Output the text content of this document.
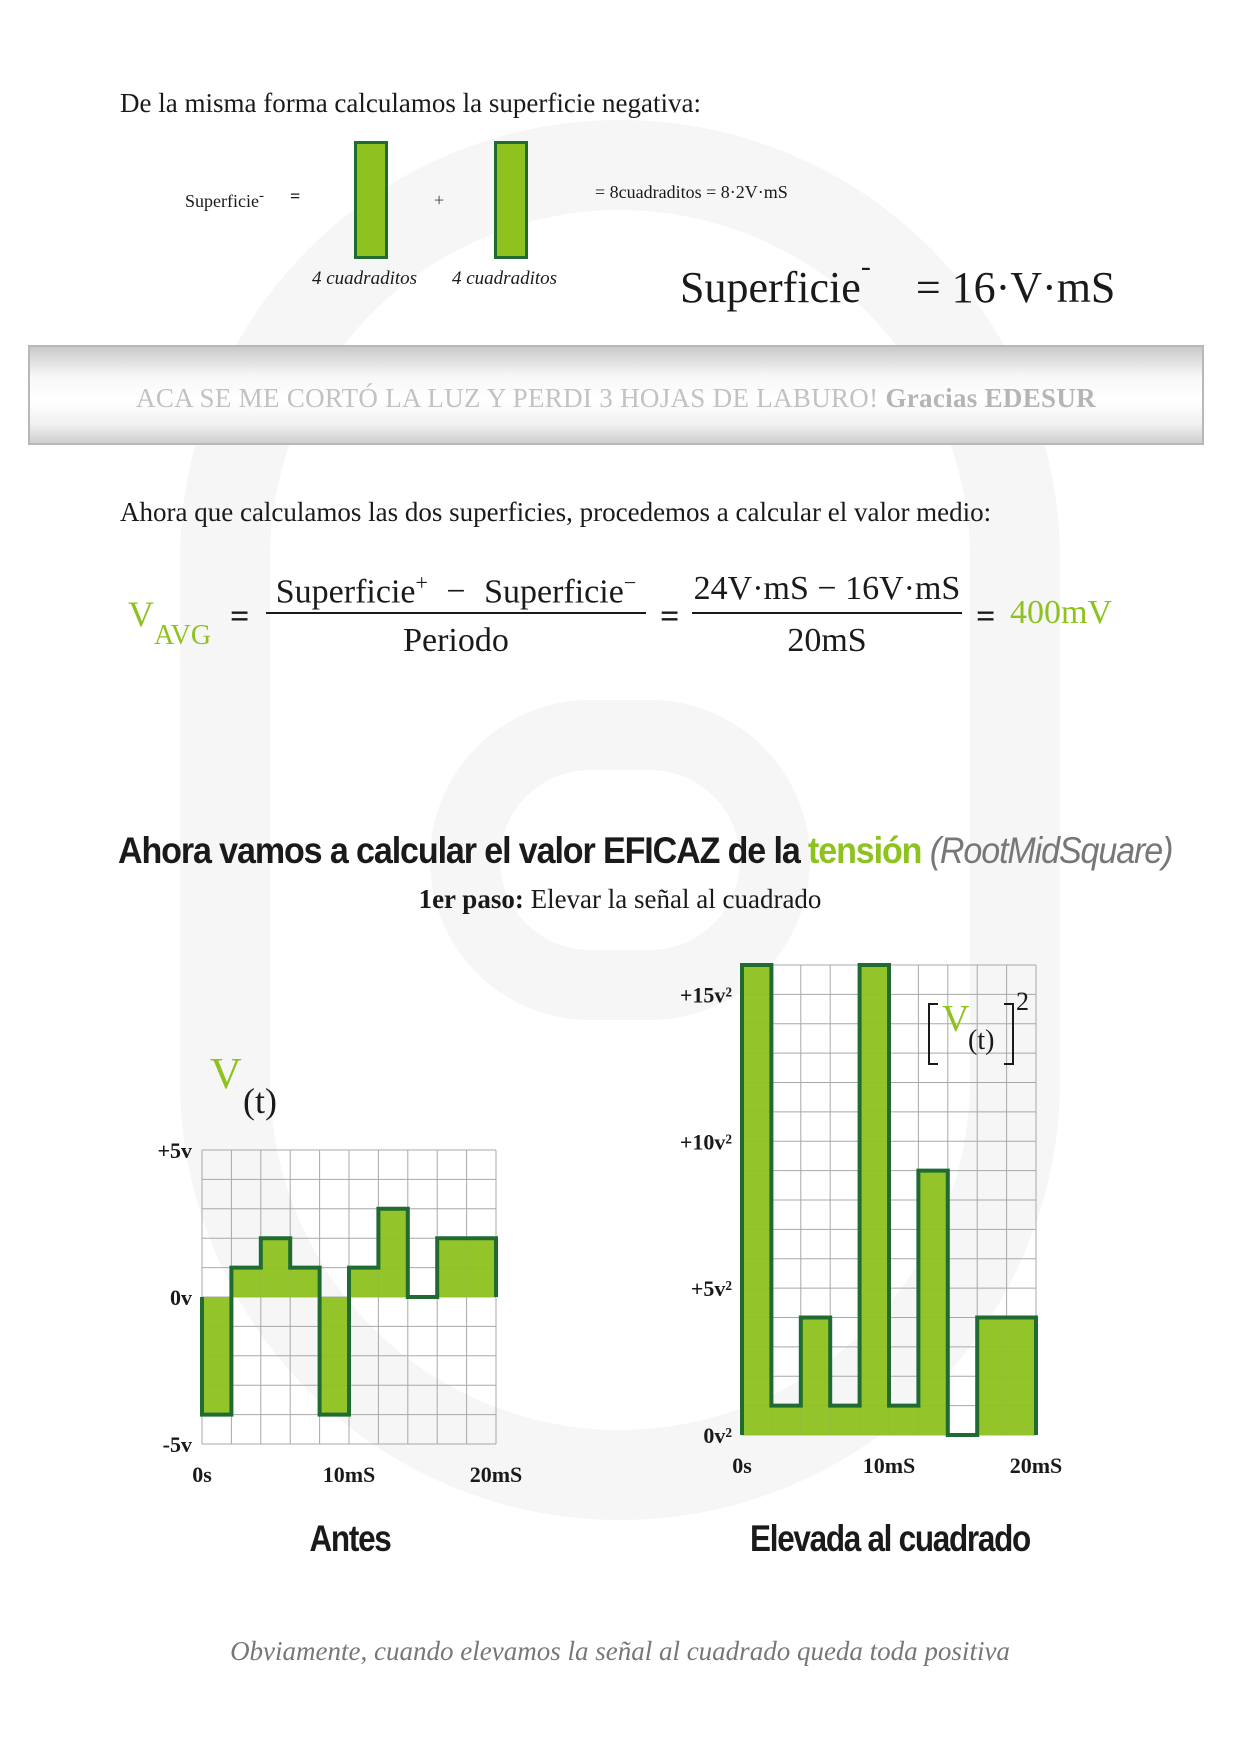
De la misma forma calculamos la superficie negativa:
Superficie- =	+
4 cuadraditos 4 cuadraditos
= 8cuadraditos = 8·2V·mS
Superficie- = 16·V·mS
ACA SE ME CORTÓ LA LUZ Y PERDI 3 HOJAS DE LABURO! Gracias EDESUR
Ahora que calculamos las dos superficies, procedemos a calcular el valor medio:
$V_{AVG}$
=
Superficie+ − Superficie−
Periodo
=
24V·mS − 16V·mS
20mS
= 400mV
Ahora vamos a calcular el valor EFICAZ de la tensión (RootMidSquare)
1er paso: Elevar la señal al cuadrado
V
(t)
+5v
0v
-5v
0s	10mS	20mS
Antes
+15v²
+10v²
+5v²
0v²
0s	10mS	20mS
V
(t)
2
Elevada al cuadrado
Obviamente, cuando elevamos la señal al cuadrado queda toda positiva
